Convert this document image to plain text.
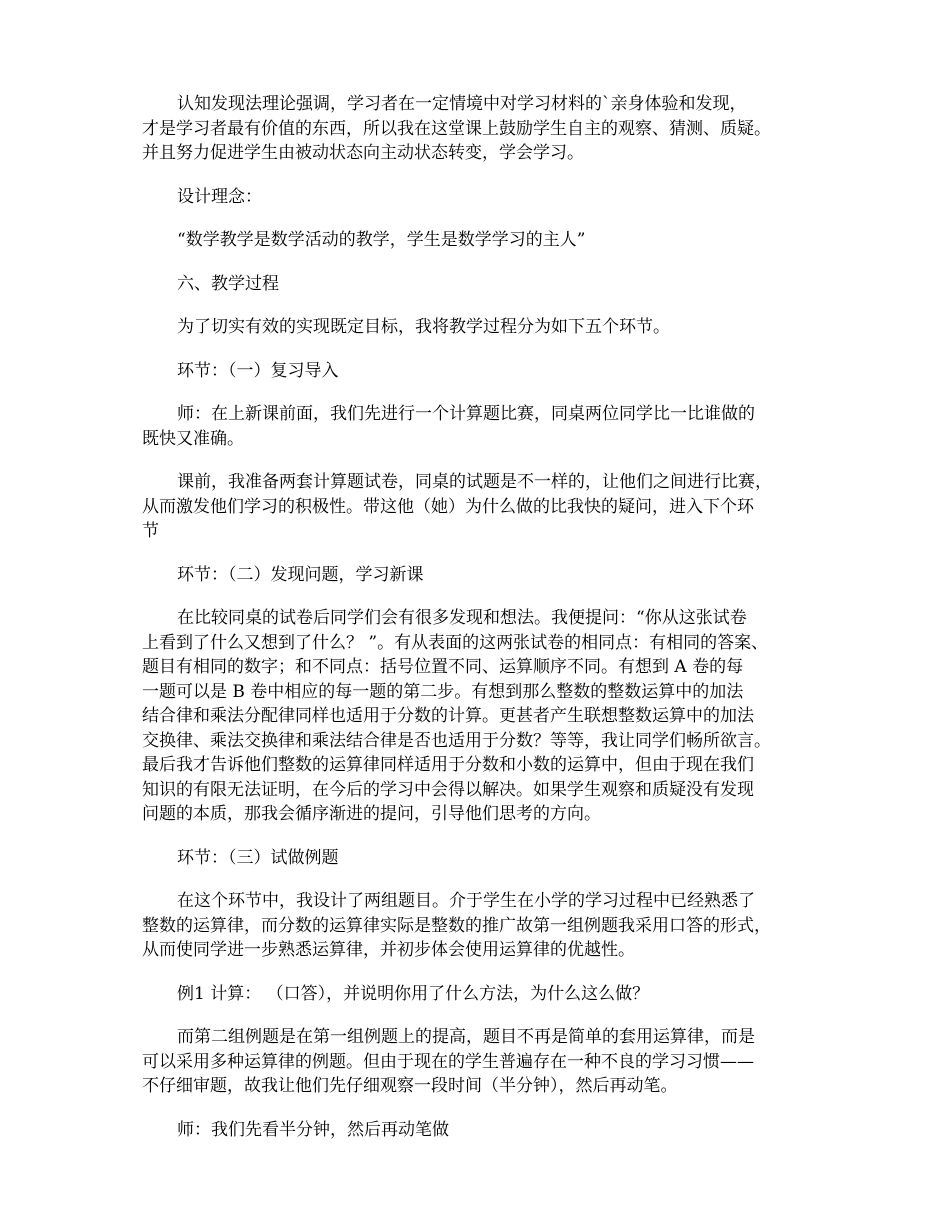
认知发现法理论强调，学习者在一定情境中对学习材料的`亲身体验和发现，
才是学习者最有价值的东西，所以我在这堂课上鼓励学生自主的观察、猜测、质疑。
并且努力促进学生由被动状态向主动状态转变，学会学习。

设计理念：

“数学教学是数学活动的教学，学生是数学学习的主人”

六、教学过程

为了切实有效的实现既定目标，我将教学过程分为如下五个环节。

环节：（一）复习导入

师：在上新课前面，我们先进行一个计算题比赛，同桌两位同学比一比谁做的
既快又准确。

课前，我准备两套计算题试卷，同桌的试题是不一样的，让他们之间进行比赛，
从而激发他们学习的积极性。带这他（她）为什么做的比我快的疑问，进入下个环
节

环节：（二）发现问题，学习新课

在比较同桌的试卷后同学们会有很多发现和想法。我便提问：“你从这张试卷
上看到了什么又想到了什么？ ”。有从表面的这两张试卷的相同点：有相同的答案、
题目有相同的数字；和不同点：括号位置不同、运算顺序不同。有想到 A 卷的每
一题可以是 B 卷中相应的每一题的第二步。有想到那么整数的整数运算中的加法
结合律和乘法分配律同样也适用于分数的计算。更甚者产生联想整数运算中的加法
交换律、乘法交换律和乘法结合律是否也适用于分数？等等，我让同学们畅所欲言。
最后我才告诉他们整数的运算律同样适用于分数和小数的运算中，但由于现在我们
知识的有限无法证明，在今后的学习中会得以解决。如果学生观察和质疑没有发现
问题的本质，那我会循序渐进的提问，引导他们思考的方向。

环节：（三）试做例题

在这个环节中，我设计了两组题目。介于学生在小学的学习过程中已经熟悉了
整数的运算律，而分数的运算律实际是整数的推广故第一组例题我采用口答的形式，
从而使同学进一步熟悉运算律，并初步体会使用运算律的优越性。

例1 计算： （口答），并说明你用了什么方法，为什么这么做？

而第二组例题是在第一组例题上的提高，题目不再是简单的套用运算律，而是
可以采用多种运算律的例题。但由于现在的学生普遍存在一种不良的学习习惯——
不仔细审题，故我让他们先仔细观察一段时间（半分钟），然后再动笔。

师：我们先看半分钟，然后再动笔做
